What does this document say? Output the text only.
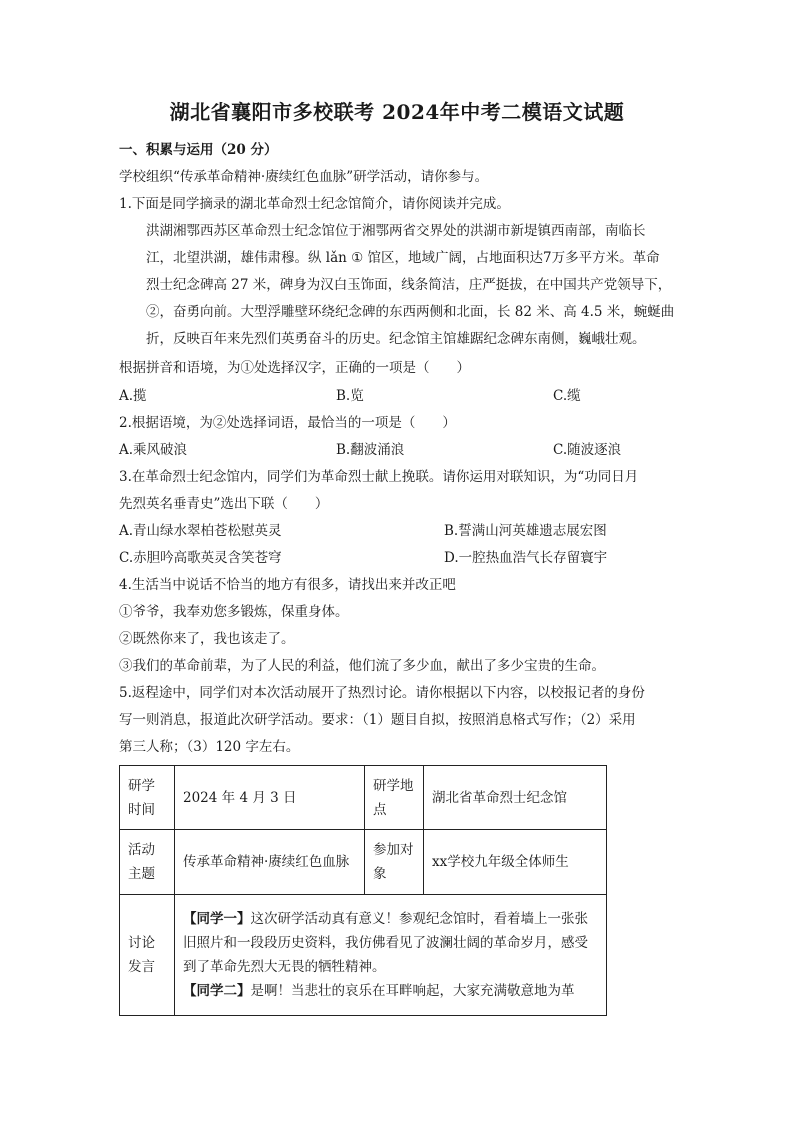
湖北省襄阳市多校联考 2024年中考二模语文试题
一、积累与运用（20 分）
学校组织“传承革命精神·赓续红色血脉”研学活动，请你参与。
1.下面是同学摘录的湖北革命烈士纪念馆简介，请你阅读并完成。
洪湖湘鄂西苏区革命烈士纪念馆位于湘鄂两省交界处的洪湖市新堤镇西南部，南临长
江，北望洪湖，雄伟肃穆。纵 lǎn ① 馆区，地域广阔，占地面积达7万多平方米。革命
烈士纪念碑高 27 米，碑身为汉白玉饰面，线条简洁，庄严挺拔，在中国共产党领导下，
②，奋勇向前。大型浮雕壁环绕纪念碑的东西两侧和北面，长 82 米、高 4.5 米，蜿蜒曲
折，反映百年来先烈们英勇奋斗的历史。纪念馆主馆雄踞纪念碑东南侧，巍峨壮观。
根据拼音和语境，为①处选择汉字，正确的一项是（　　）
A.揽	B.览	C.缆
2.根据语境，为②处选择词语，最恰当的一项是（　　）
A.乘风破浪	B.翻波涌浪	C.随波逐浪
3.在革命烈士纪念馆内，同学们为革命烈士献上挽联。请你运用对联知识，为“功同日月
先烈英名垂青史”选出下联（　　）
A.青山绿水翠柏苍松慰英灵	B.誓满山河英雄遗志展宏图
C.赤胆吟高歌英灵含笑苍穹	D.一腔热血浩气长存留寰宇
4.生活当中说话不恰当的地方有很多，请找出来并改正吧
①爷爷，我奉劝您多锻炼，保重身体。
②既然你来了，我也该走了。
③我们的革命前辈，为了人民的利益，他们流了多少血，献出了多少宝贵的生命。
5.返程途中，同学们对本次活动展开了热烈讨论。请你根据以下内容，以校报记者的身份
写一则消息，报道此次研学活动。要求：（1）题目自拟，按照消息格式写作；（2）采用
第三人称；（3）120 字左右。
研学时间	2024 年 4 月 3 日	研学地点	湖北省革命烈士纪念馆
活动主题	传承革命精神·赓续红色血脉	参加对象	xx学校九年级全体师生
讨论发言	【同学一】这次研学活动真有意义！参观纪念馆时，看着墙上一张张旧照片和一段段历史资料，我仿佛看见了波澜壮阔的革命岁月，感受到了革命先烈大无畏的牺牲精神。
【同学二】是啊！当悲壮的哀乐在耳畔响起，大家充满敬意地为革		
